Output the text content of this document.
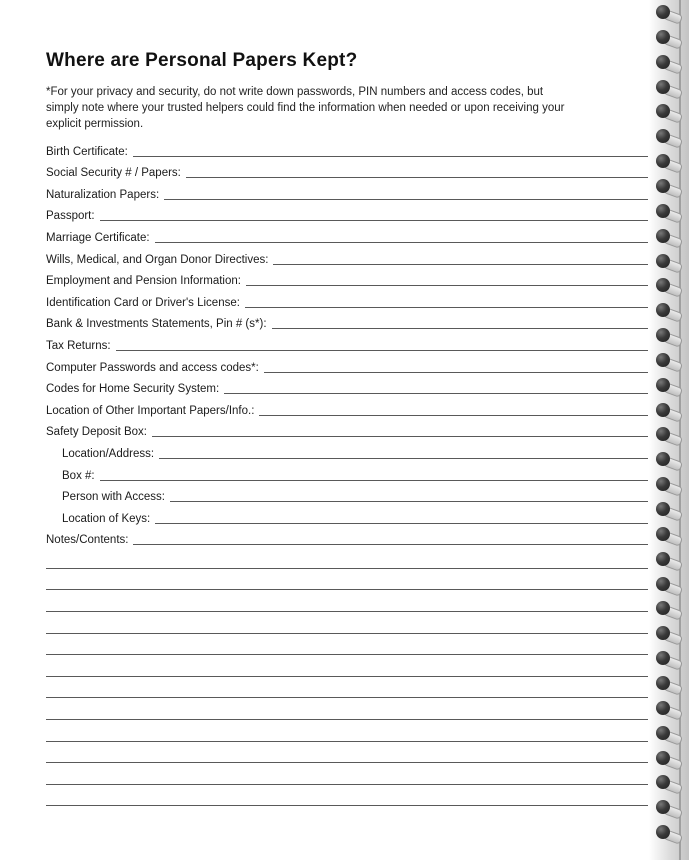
Where are Personal Papers Kept?

*For your privacy and security, do not write down passwords, PIN numbers and access codes, but simply note where your trusted helpers could find the information when needed or upon receiving your explicit permission.

Birth Certificate:
Social Security # / Papers:
Naturalization Papers:
Passport:
Marriage Certificate:
Wills, Medical, and Organ Donor Directives:
Employment and Pension Information:
Identification Card or Driver's License:
Bank & Investments Statements, Pin # (s*):
Tax Returns:
Computer Passwords and access codes*:
Codes for Home Security System:
Location of Other Important Papers/Info.:
Safety Deposit Box:
Location/Address:
Box #:
Person with Access:
Location of Keys:
Notes/Contents:
